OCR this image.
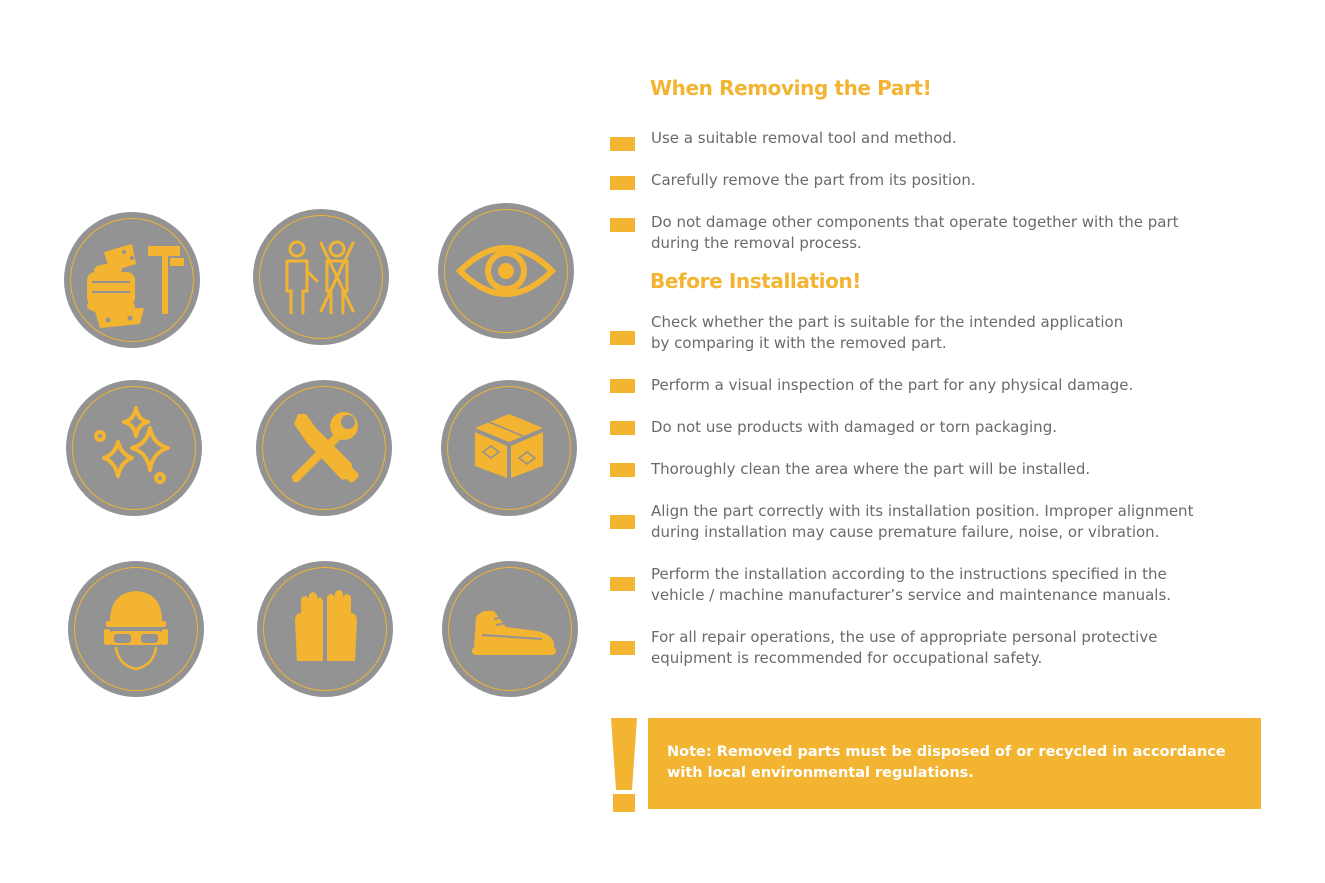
When Removing the Part!
Use a suitable removal tool and method.
Carefully remove the part from its position.
Do not damage other components that operate together with the part
during the removal process.
Before Installation!
Check whether the part is suitable for the intended application
by comparing it with the removed part.
Perform a visual inspection of the part for any physical damage.
Do not use products with damaged or torn packaging.
Thoroughly clean the area where the part will be installed.
Align the part correctly with its installation position. Improper alignment
during installation may cause premature failure, noise, or vibration.
Perform the installation according to the instructions specified in the
vehicle / machine manufacturer’s service and maintenance manuals.
For all repair operations, the use of appropriate personal protective
equipment is recommended for occupational safety.
Note: Removed parts must be disposed of or recycled in accordance with local environmental regulations.
